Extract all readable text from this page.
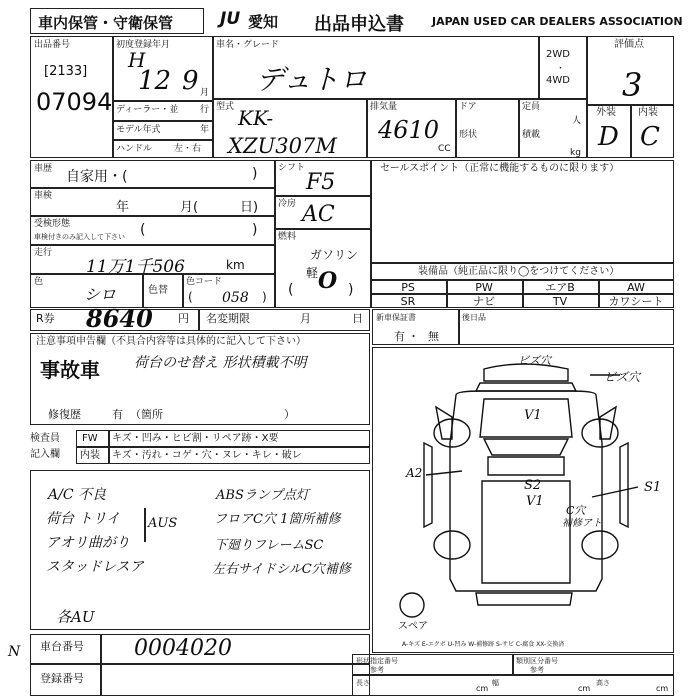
車内保管・守衛保管	JU 愛知 出品申込書	JAPAN USED CAR DEALERS ASSOCIATION
出品番号
[2133]
07094
初度登録年月
H
12 9 月
車名・グレード
デュトロ
2WD
・
4WD
評価点
3
ディーラー・並 行
モデル年式	年
ハンドル 左・右
型式 KK-
XZU307M
排気量
4610
CC
ドア
形状
定員
人
積載
kg
外装 内装
D C
車歴 自家用・(	)
車検
年	月(	日)
受検形態
車検付きのみ記入して下さい (	)
走行
11万1千506	km
色
シロ	色替
色コード
( 058 )
シフト
F5
冷房 AC
燃料
ガソリン
(
軽 O )
セールスポイント（正常に機能するものに限ります）
装備品（純正品に限り◯をつけてください）
PS	PW	エアB	AW
SR	ナビ	TV	カワシート
R券 8640 円 名変期限	月	日 新車保証書
有 ・ 無
後日品
注意事項申告欄（不具合内容等は具体的に記入して下さい）
事故車 荷台のせ替え 形状積載不明
修復歴	有 （箇所	）
検査員
記入欄
FW キズ・凹み・ヒビ割・リペア跡・X要
内装 キズ・汚れ・コゲ・穴・ヌレ・キレ・破レ
A/C 不良
荷台 トリイ
アオリ曲がり
スタッドレスア
AUS
ABSランプ点灯
フロアC穴 1箇所補修
下廻りフレームSC
左右サイドシルC穴補修
各AU
ビズ穴
ビズ穴
V1
A2
S2
V1
S1
C穴
補修アト
スペア
A-キズ E-エクボ U-凹み W-補修跡 S-サビ C-腐食 XX-交換済
車台番号 0004020
登録番号
形状指定番号
参考
類別区分番号
参考
長さ
cm
幅
cm
高さ
cm
N
